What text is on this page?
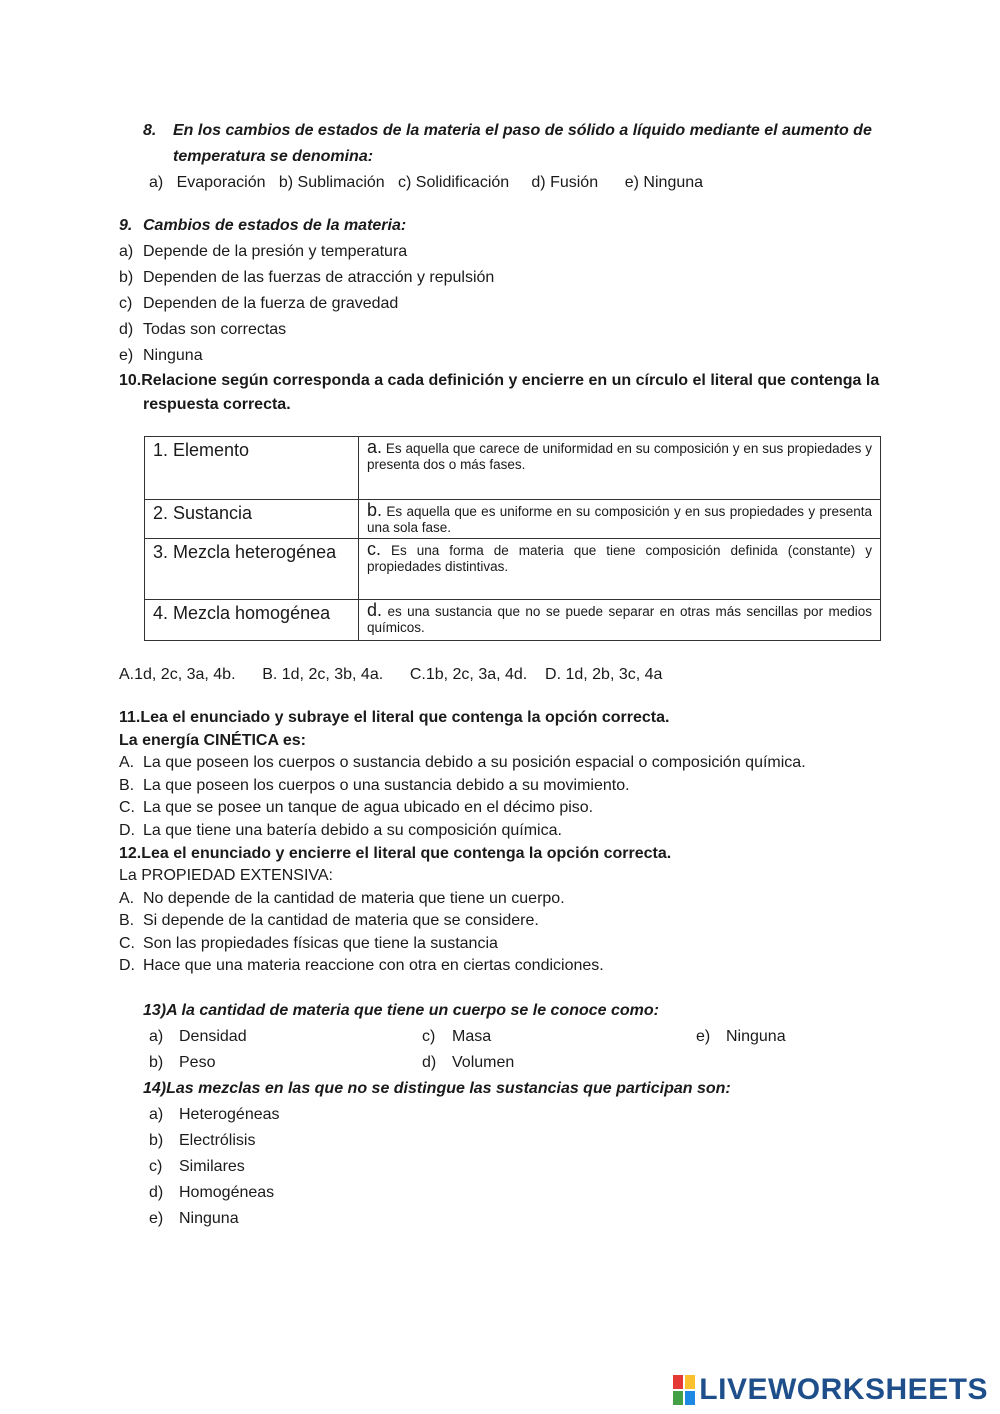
8. En los cambios de estados de la materia el paso de sólido a líquido mediante el aumento de
temperatura se denomina:
a)   Evaporación   b) Sublimación   c) Solidificación     d) Fusión      e) Ninguna
9. Cambios de estados de la materia:
a) Depende de la presión y temperatura
b) Dependen de las fuerzas de atracción y repulsión
c) Dependen de la fuerza de gravedad
d) Todas son correctas
e) Ninguna
10.Relacione según corresponda a cada definición y encierre en un círculo el literal que contenga la
respuesta correcta.
1. Elemento	a. Es aquella que carece de uniformidad en su composición y en sus propiedades y presenta dos o más fases.
2. Sustancia	b. Es aquella que es uniforme en su composición y en sus propiedades y presenta una sola fase.
3. Mezcla heterogénea	c. Es una forma de materia que tiene composición definida (constante) y propiedades distintivas.
4. Mezcla homogénea	d. es una sustancia que no se puede separar en otras más sencillas por medios químicos.
A.1d, 2c, 3a, 4b.      B. 1d, 2c, 3b, 4a.      C.1b, 2c, 3a, 4d.    D. 1d, 2b, 3c, 4a
11.Lea el enunciado y subraye el literal que contenga la opción correcta.
La energía CINÉTICA es:
A. La que poseen los cuerpos o sustancia debido a su posición espacial o composición química.
B. La que poseen los cuerpos o una sustancia debido a su movimiento.
C. La que se posee un tanque de agua ubicado en el décimo piso.
D. La que tiene una batería debido a su composición química.
12.Lea el enunciado y encierre el literal que contenga la opción correcta.
La PROPIEDAD EXTENSIVA:
A. No depende de la cantidad de materia que tiene un cuerpo.
B. Si depende de la cantidad de materia que se considere.
C. Son las propiedades físicas que tiene la sustancia
D. Hace que una materia reaccione con otra en ciertas condiciones.
13)A la cantidad de materia que tiene un cuerpo se le conoce como:
a) Densidad	c) Masa	e) Ninguna
b) Peso	d) Volumen
14)Las mezclas en las que no se distingue las sustancias que participan son:
a) Heterogéneas
b) Electrólisis
c) Similares
d) Homogéneas
e) Ninguna
LIVEWORKSHEETS
